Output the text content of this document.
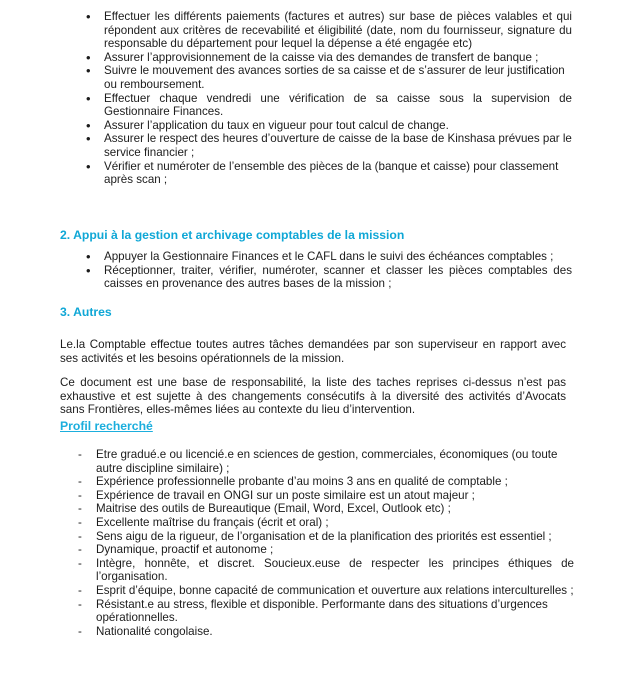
• Effectuer les différents paiements (factures et autres) sur base de pièces valables et qui répondent aux critères de recevabilité et éligibilité (date, nom du fournisseur, signature du responsable du département pour lequel la dépense a été engagée etc)
• Assurer l’approvisionnement de la caisse via des demandes de transfert de banque ;
• Suivre le mouvement des avances sorties de sa caisse et de s’assurer de leur justification ou remboursement.
• Effectuer chaque vendredi une vérification de sa caisse sous la supervision de Gestionnaire Finances.
• Assurer l’application du taux en vigueur pour tout calcul de change.
• Assurer le respect des heures d’ouverture de caisse de la base de Kinshasa prévues par le service financier ;
• Vérifier et numéroter de l’ensemble des pièces de la (banque et caisse) pour classement après scan ;
2. Appui à la gestion et archivage comptables de la mission
• Appuyer la Gestionnaire Finances et le CAFL dans le suivi des échéances comptables ;
• Réceptionner, traiter, vérifier, numéroter, scanner et classer les pièces comptables des caisses en provenance des autres bases de la mission ;
3. Autres

Le.la Comptable effectue toutes autres tâches demandées par son superviseur en rapport avec ses activités et les besoins opérationnels de la mission.

Ce document est une base de responsabilité, la liste des taches reprises ci-dessus n’est pas exhaustive et est sujette à des changements consécutifs à la diversité des activités d’Avocats sans Frontières, elles-mêmes liées au contexte du lieu d’intervention.

Profil recherché
- Etre gradué.e ou licencié.e en sciences de gestion, commerciales, économiques (ou toute autre discipline similaire) ;
- Expérience professionnelle probante d’au moins 3 ans en qualité de comptable ;
- Expérience de travail en ONGI sur un poste similaire est un atout majeur ;
- Maitrise des outils de Bureautique (Email, Word, Excel, Outlook etc) ;
- Excellente maîtrise du français (écrit et oral) ;
- Sens aigu de la rigueur, de l’organisation et de la planification des priorités est essentiel ;
- Dynamique, proactif et autonome ;
- Intègre, honnête, et discret. Soucieux.euse de respecter les principes éthiques de l’organisation.
- Esprit d’équipe, bonne capacité de communication et ouverture aux relations interculturelles ;
- Résistant.e au stress, flexible et disponible. Performante dans des situations d’urgences opérationnelles.
- Nationalité congolaise.
